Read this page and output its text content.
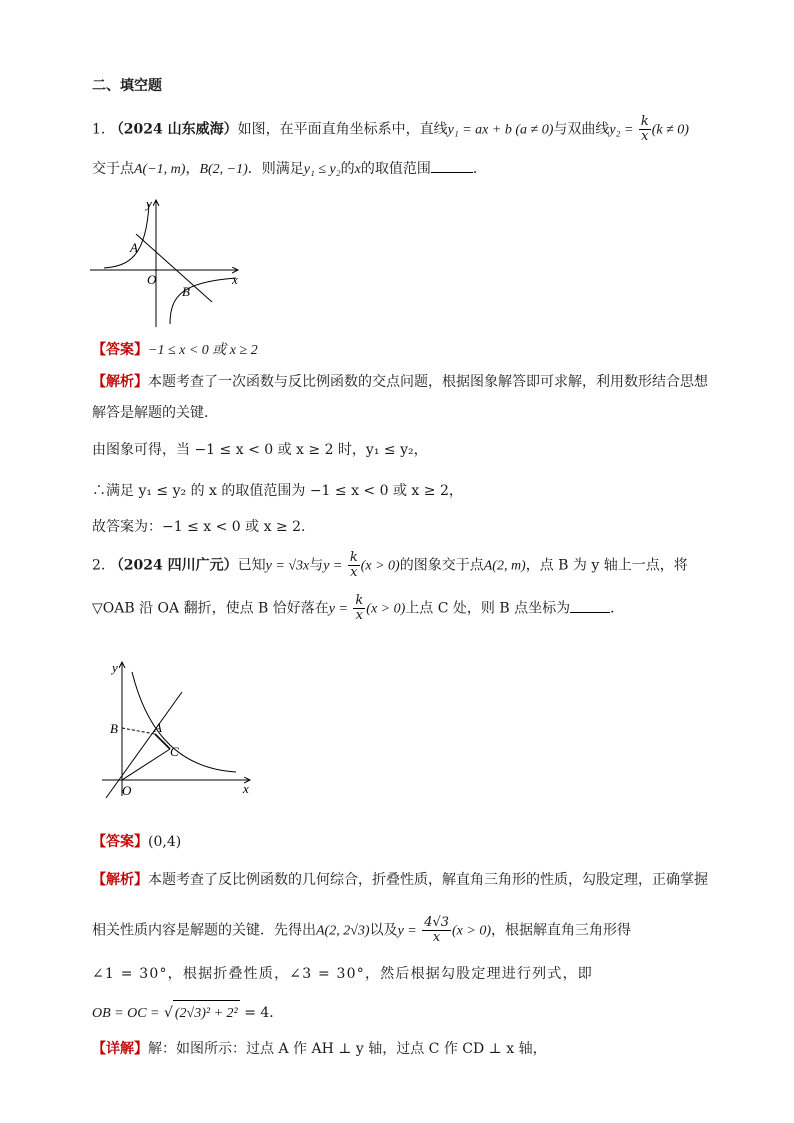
二、填空题
1. （2024 山东威海）如图，在平面直角坐标系中，直线y₁ = ax + b (a ≠ 0)与双曲线$y_2 = \frac{k}{x} (k \ne 0)$
交于点A(−1, m)，B(2, −1)．则满足y₁ ≤ y₂的x的取值范围	．
y
x
O
A
B
【答案】−1 ≤ x < 0 或 x ≥ 2
【解析】本题考查了一次函数与反比例函数的交点问题，根据图象解答即可求解，利用数形结合思想
解答是解题的关键．
由图象可得，当 −1 ≤ x < 0 或 x ≥ 2 时，y₁ ≤ y₂，
∴满足 y₁ ≤ y₂ 的 x 的取值范围为 −1 ≤ x < 0 或 x ≥ 2，
故答案为：−1 ≤ x < 0 或 x ≥ 2．
2. （2024 四川广元）已知y = √3x与$y = \frac{k}{x} (x > 0)$的图象交于点A(2, m)，点 B 为 y 轴上一点，将
▽OAB 沿 OA 翻折，使点 B 恰好落在$y = \frac{k}{x} (x > 0)$上点 C 处，则 B 点坐标为	．
y
x
O
A
B
C
【答案】(0,4)
【解析】本题考查了反比例函数的几何综合，折叠性质，解直角三角形的性质，勾股定理，正确掌握
相关性质内容是解题的关键．先得出A(2, 2√3)以及$y = \frac{4√3}{x} (x > 0)$，根据解直角三角形得
∠1 = 30°，根据折叠性质，∠3 = 30°，然后根据勾股定理进行列式，即
OB = OC = √ (2√3)² + 2² = 4．
【详解】解：如图所示：过点 A 作 AH ⊥ y 轴，过点 C 作 CD ⊥ x 轴，
